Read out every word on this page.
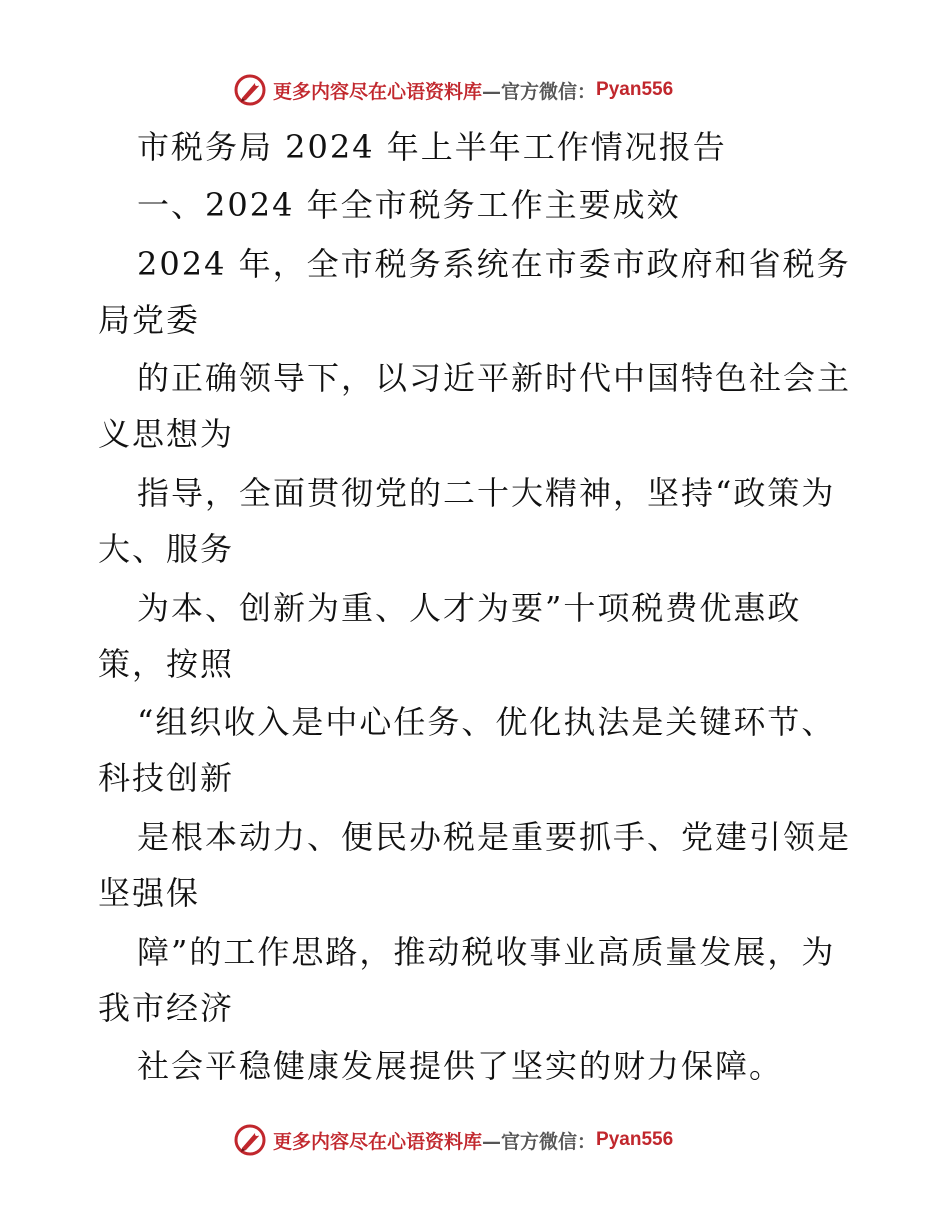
更多内容尽在心语资料库 —官方微信： Pyan556
市税务局 2024 年上半年工作情况报告
一、2024 年全市税务工作主要成效
2024 年，全市税务系统在市委市政府和省税务
局党委
的正确领导下，以习近平新时代中国特色社会主
义思想为
指导，全面贯彻党的二十大精神，坚持“政策为
大、服务
为本、创新为重、人才为要”十项税费优惠政
策，按照
“组织收入是中心任务、优化执法是关键环节、
科技创新
是根本动力、便民办税是重要抓手、党建引领是
坚强保
障”的工作思路，推动税收事业高质量发展，为
我市经济
社会平稳健康发展提供了坚实的财力保障。
更多内容尽在心语资料库 —官方微信： Pyan556
